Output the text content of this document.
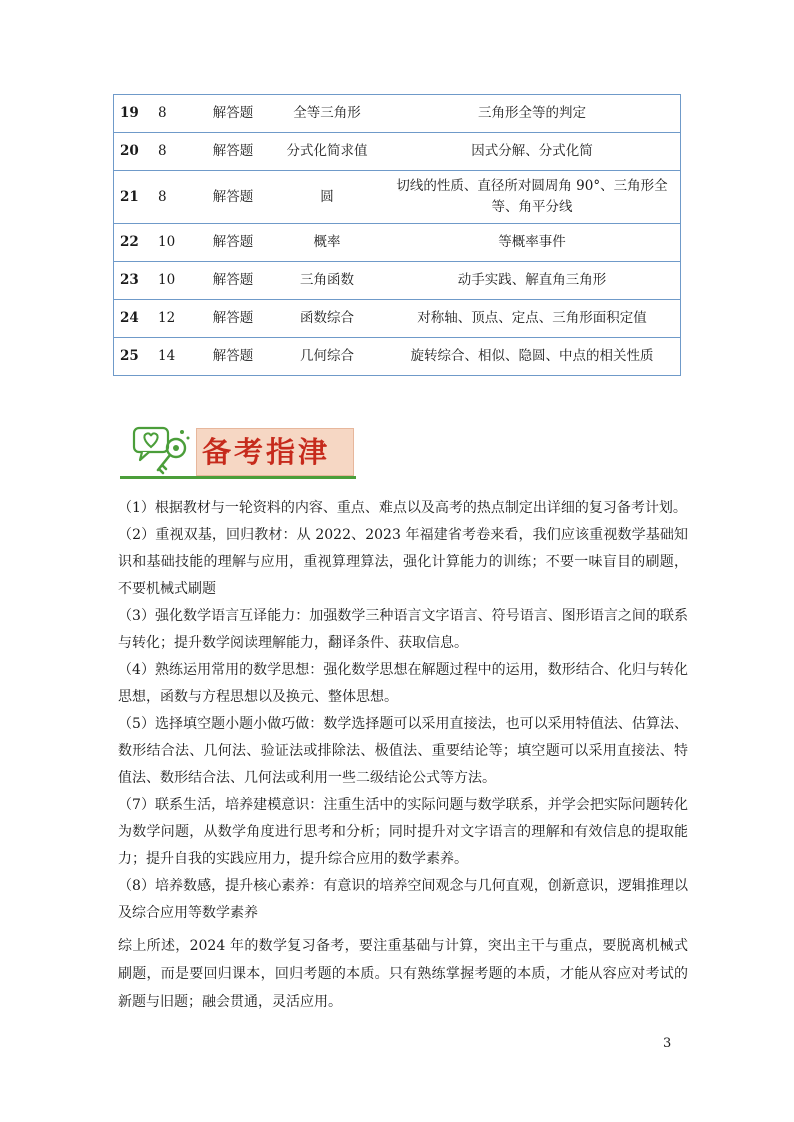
19	8	解答题	全等三角形	三角形全等的判定
20	8	解答题	分式化简求值	因式分解、分式化简
21	8	解答题	圆	切线的性质、直径所对圆周角 90°、三角形全等、角平分线
22	10	解答题	概率	等概率事件
23	10	解答题	三角函数	动手实践、解直角三角形
24	12	解答题	函数综合	对称轴、顶点、定点、三角形面积定值
25	14	解答题	几何综合	旋转综合、相似、隐圆、中点的相关性质
备考指津

（1）根据教材与一轮资料的内容、重点、难点以及高考的热点制定出详细的复习备考计划。

（2）重视双基，回归教材：从 2022、2023 年福建省考卷来看，我们应该重视数学基础知识和基础技能的理解与应用，重视算理算法，强化计算能力的训练；不要一味盲目的刷题，不要机械式刷题

（3）强化数学语言互译能力：加强数学三种语言文字语言、符号语言、图形语言之间的联系与转化；提升数学阅读理解能力，翻译条件、获取信息。

（4）熟练运用常用的数学思想：强化数学思想在解题过程中的运用，数形结合、化归与转化思想，函数与方程思想以及换元、整体思想。

（5）选择填空题小题小做巧做：数学选择题可以采用直接法，也可以采用特值法、估算法、数形结合法、几何法、验证法或排除法、极值法、重要结论等；填空题可以采用直接法、特值法、数形结合法、几何法或利用一些二级结论公式等方法。

（7）联系生活，培养建模意识：注重生活中的实际问题与数学联系，并学会把实际问题转化为数学问题，从数学角度进行思考和分析；同时提升对文字语言的理解和有效信息的提取能力；提升自我的实践应用力，提升综合应用的数学素养。

（8）培养数感，提升核心素养：有意识的培养空间观念与几何直观，创新意识，逻辑推理以及综合应用等数学素养

综上所述，2024 年的数学复习备考，要注重基础与计算，突出主干与重点，要脱离机械式刷题，而是要回归课本，回归考题的本质。只有熟练掌握考题的本质，才能从容应对考试的新题与旧题；融会贯通，灵活应用。

3
